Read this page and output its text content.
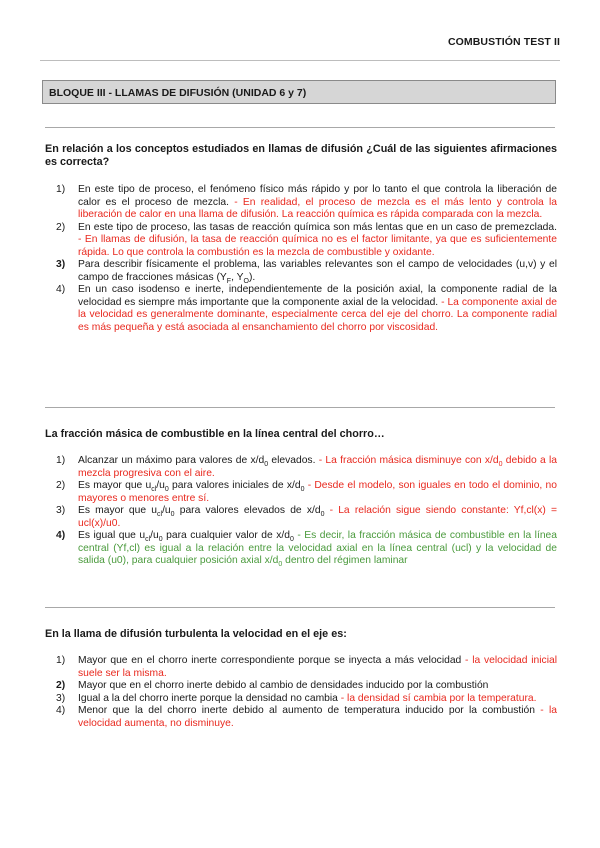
COMBUSTIÓN TEST II
BLOQUE III - LLAMAS DE DIFUSIÓN (UNIDAD 6 y 7)
En relación a los conceptos estudiados en llamas de difusión ¿Cuál de las siguientes afirmaciones es correcta?
1) En este tipo de proceso, el fenómeno físico más rápido y por lo tanto el que controla la liberación de calor es el proceso de mezcla. - En realidad, el proceso de mezcla es el más lento y controla la liberación de calor en una llama de difusión. La reacción química es rápida comparada con la mezcla.
2) En este tipo de proceso, las tasas de reacción química son más lentas que en un caso de premezclada. - En llamas de difusión, la tasa de reacción química no es el factor limitante, ya que es suficientemente rápida. Lo que controla la combustión es la mezcla de combustible y oxidante.
3) Para describir físicamente el problema, las variables relevantes son el campo de velocidades (u,v) y el campo de fracciones másicas ($Y_F$, $Y_O$).
4) En un caso isodenso e inerte, independientemente de la posición axial, la componente radial de la velocidad es siempre más importante que la componente axial de la velocidad. - La componente axial de la velocidad es generalmente dominante, especialmente cerca del eje del chorro. La componente radial es más pequeña y está asociada al ensanchamiento del chorro por viscosidad.
La fracción másica de combustible en la línea central del chorro…
1) Alcanzar un máximo para valores de $x/d_0$ elevados. - La fracción másica disminuye con $x/d_0$ debido a la mezcla progresiva con el aire.
2) Es mayor que $u_{cl}/u_0$ para valores iniciales de $x/d_0$ - Desde el modelo, son iguales en todo el dominio, no mayores o menores entre sí.
3) Es mayor que $u_{cl}/u_0$ para valores elevados de $x/d_0$ - La relación sigue siendo constante: Yf,cl(x) = ucl(x)/u0.
4) Es igual que $u_{cl}/u_0$ para cualquier valor de $x/d_0$ - Es decir, la fracción másica de combustible en la línea central (Yf,cl) es igual a la relación entre la velocidad axial en la línea central (ucl) y la velocidad de salida (u0), para cualquier posición axial $x/d_0$ dentro del régimen laminar
En la llama de difusión turbulenta la velocidad en el eje es:
1) Mayor que en el chorro inerte correspondiente porque se inyecta a más velocidad - la velocidad inicial suele ser la misma.
2) Mayor que en el chorro inerte debido al cambio de densidades inducido por la combustión
3) Igual a la del chorro inerte porque la densidad no cambia - la densidad sí cambia por la temperatura.
4) Menor que la del chorro inerte debido al aumento de temperatura inducido por la combustión - la velocidad aumenta, no disminuye.
